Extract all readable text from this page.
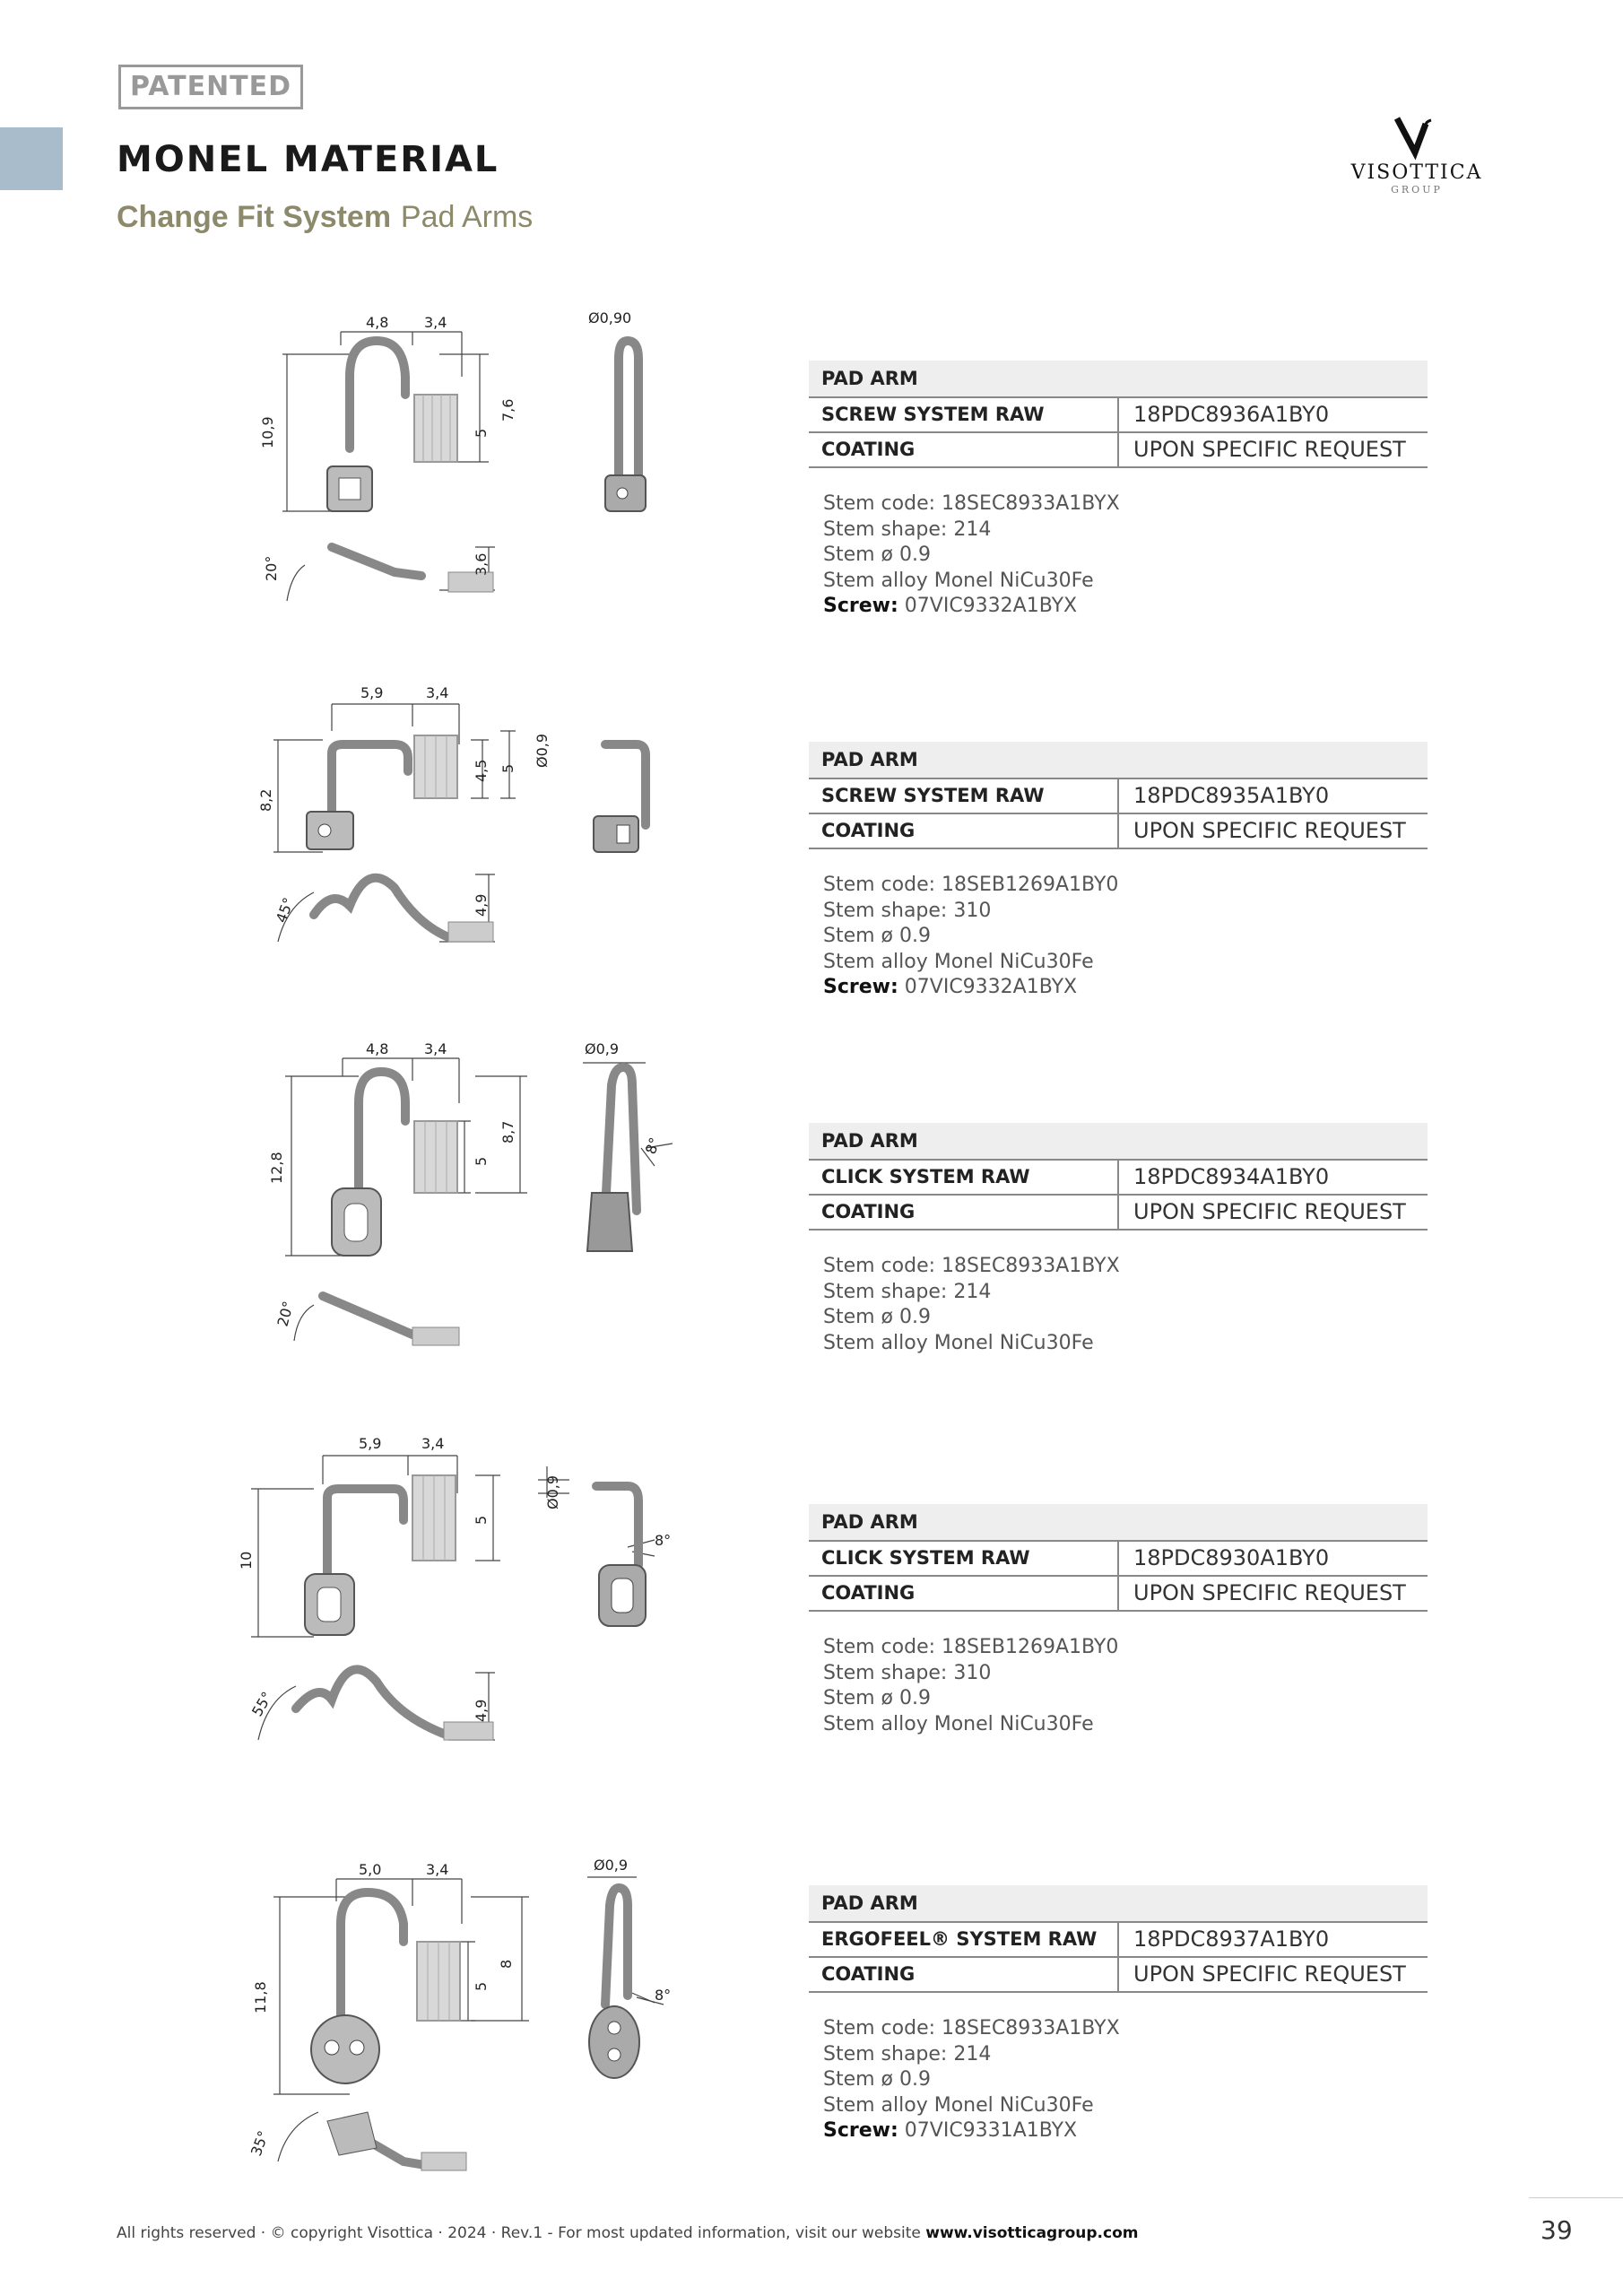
PATENTED
MONEL MATERIAL
Change Fit System Pad Arms
VISOTTICA
GROUP
4,8 3,4
10,9	5
7,6
Ø0,90
20°	3,6
PAD ARM
SCREW SYSTEM RAW	18PDC8936A1BY0
COATING	UPON SPECIFIC REQUEST
Stem code: 18SEC8933A1BYX
Stem shape: 214
Stem ø 0.9
Stem alloy Monel NiCu30Fe
Screw: 07VIC9332A1BYX
5,9	3,4
8,2
4,5 5
Ø0,9
45°	4,9
PAD ARM
SCREW SYSTEM RAW	18PDC8935A1BY0
COATING	UPON SPECIFIC REQUEST
Stem code: 18SEB1269A1BY0
Stem shape: 310
Stem ø 0.9
Stem alloy Monel NiCu30Fe
Screw: 07VIC9332A1BYX
4,8 3,4
12,8	5
8,7
Ø0,9
8°
20°
PAD ARM
CLICK SYSTEM RAW	18PDC8934A1BY0
COATING	UPON SPECIFIC REQUEST
Stem code: 18SEC8933A1BYX
Stem shape: 214
Stem ø 0.9
Stem alloy Monel NiCu30Fe
5,9	3,4
10
5
Ø0,9
8°
55°	4,9
PAD ARM
CLICK SYSTEM RAW	18PDC8930A1BY0
COATING	UPON SPECIFIC REQUEST
Stem code: 18SEB1269A1BY0
Stem shape: 310
Stem ø 0.9
Stem alloy Monel NiCu30Fe
5,0	3,4
11,8	5
8
Ø0,9
8°
35°
PAD ARM
ERGOFEEL® SYSTEM RAW	18PDC8937A1BY0
COATING	UPON SPECIFIC REQUEST
Stem code: 18SEC8933A1BYX
Stem shape: 214
Stem ø 0.9
Stem alloy Monel NiCu30Fe
Screw: 07VIC9331A1BYX
All rights reserved · © copyright Visottica · 2024 · Rev.1 - For most updated information, visit our website www.visotticagroup.com	39
